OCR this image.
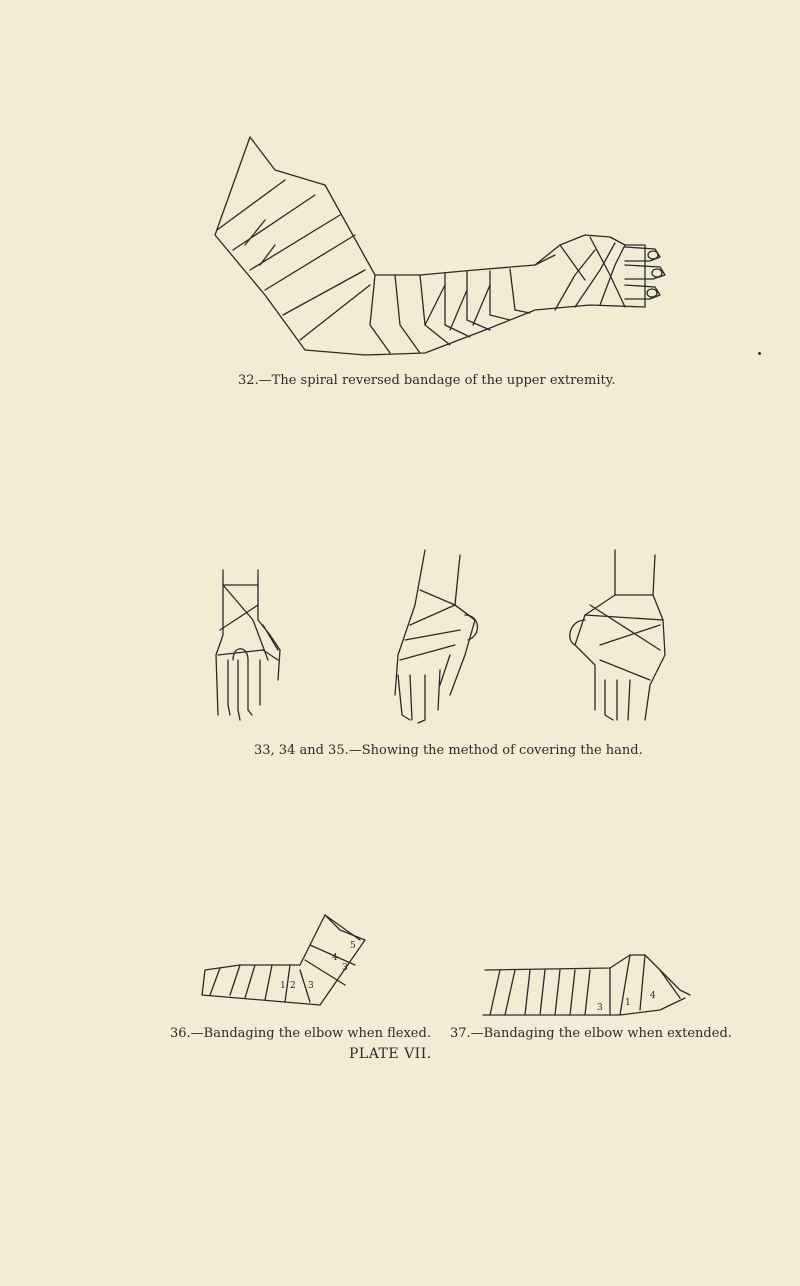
32.—The spiral reversed bandage of the upper extremity.
33, 34 and 35.—Showing the method of covering the hand.
5
3
4
1 2 3
3 1
4
36.—Bandaging the elbow when flexed. 37.—Bandaging the elbow when extended.
PLATE VII.
